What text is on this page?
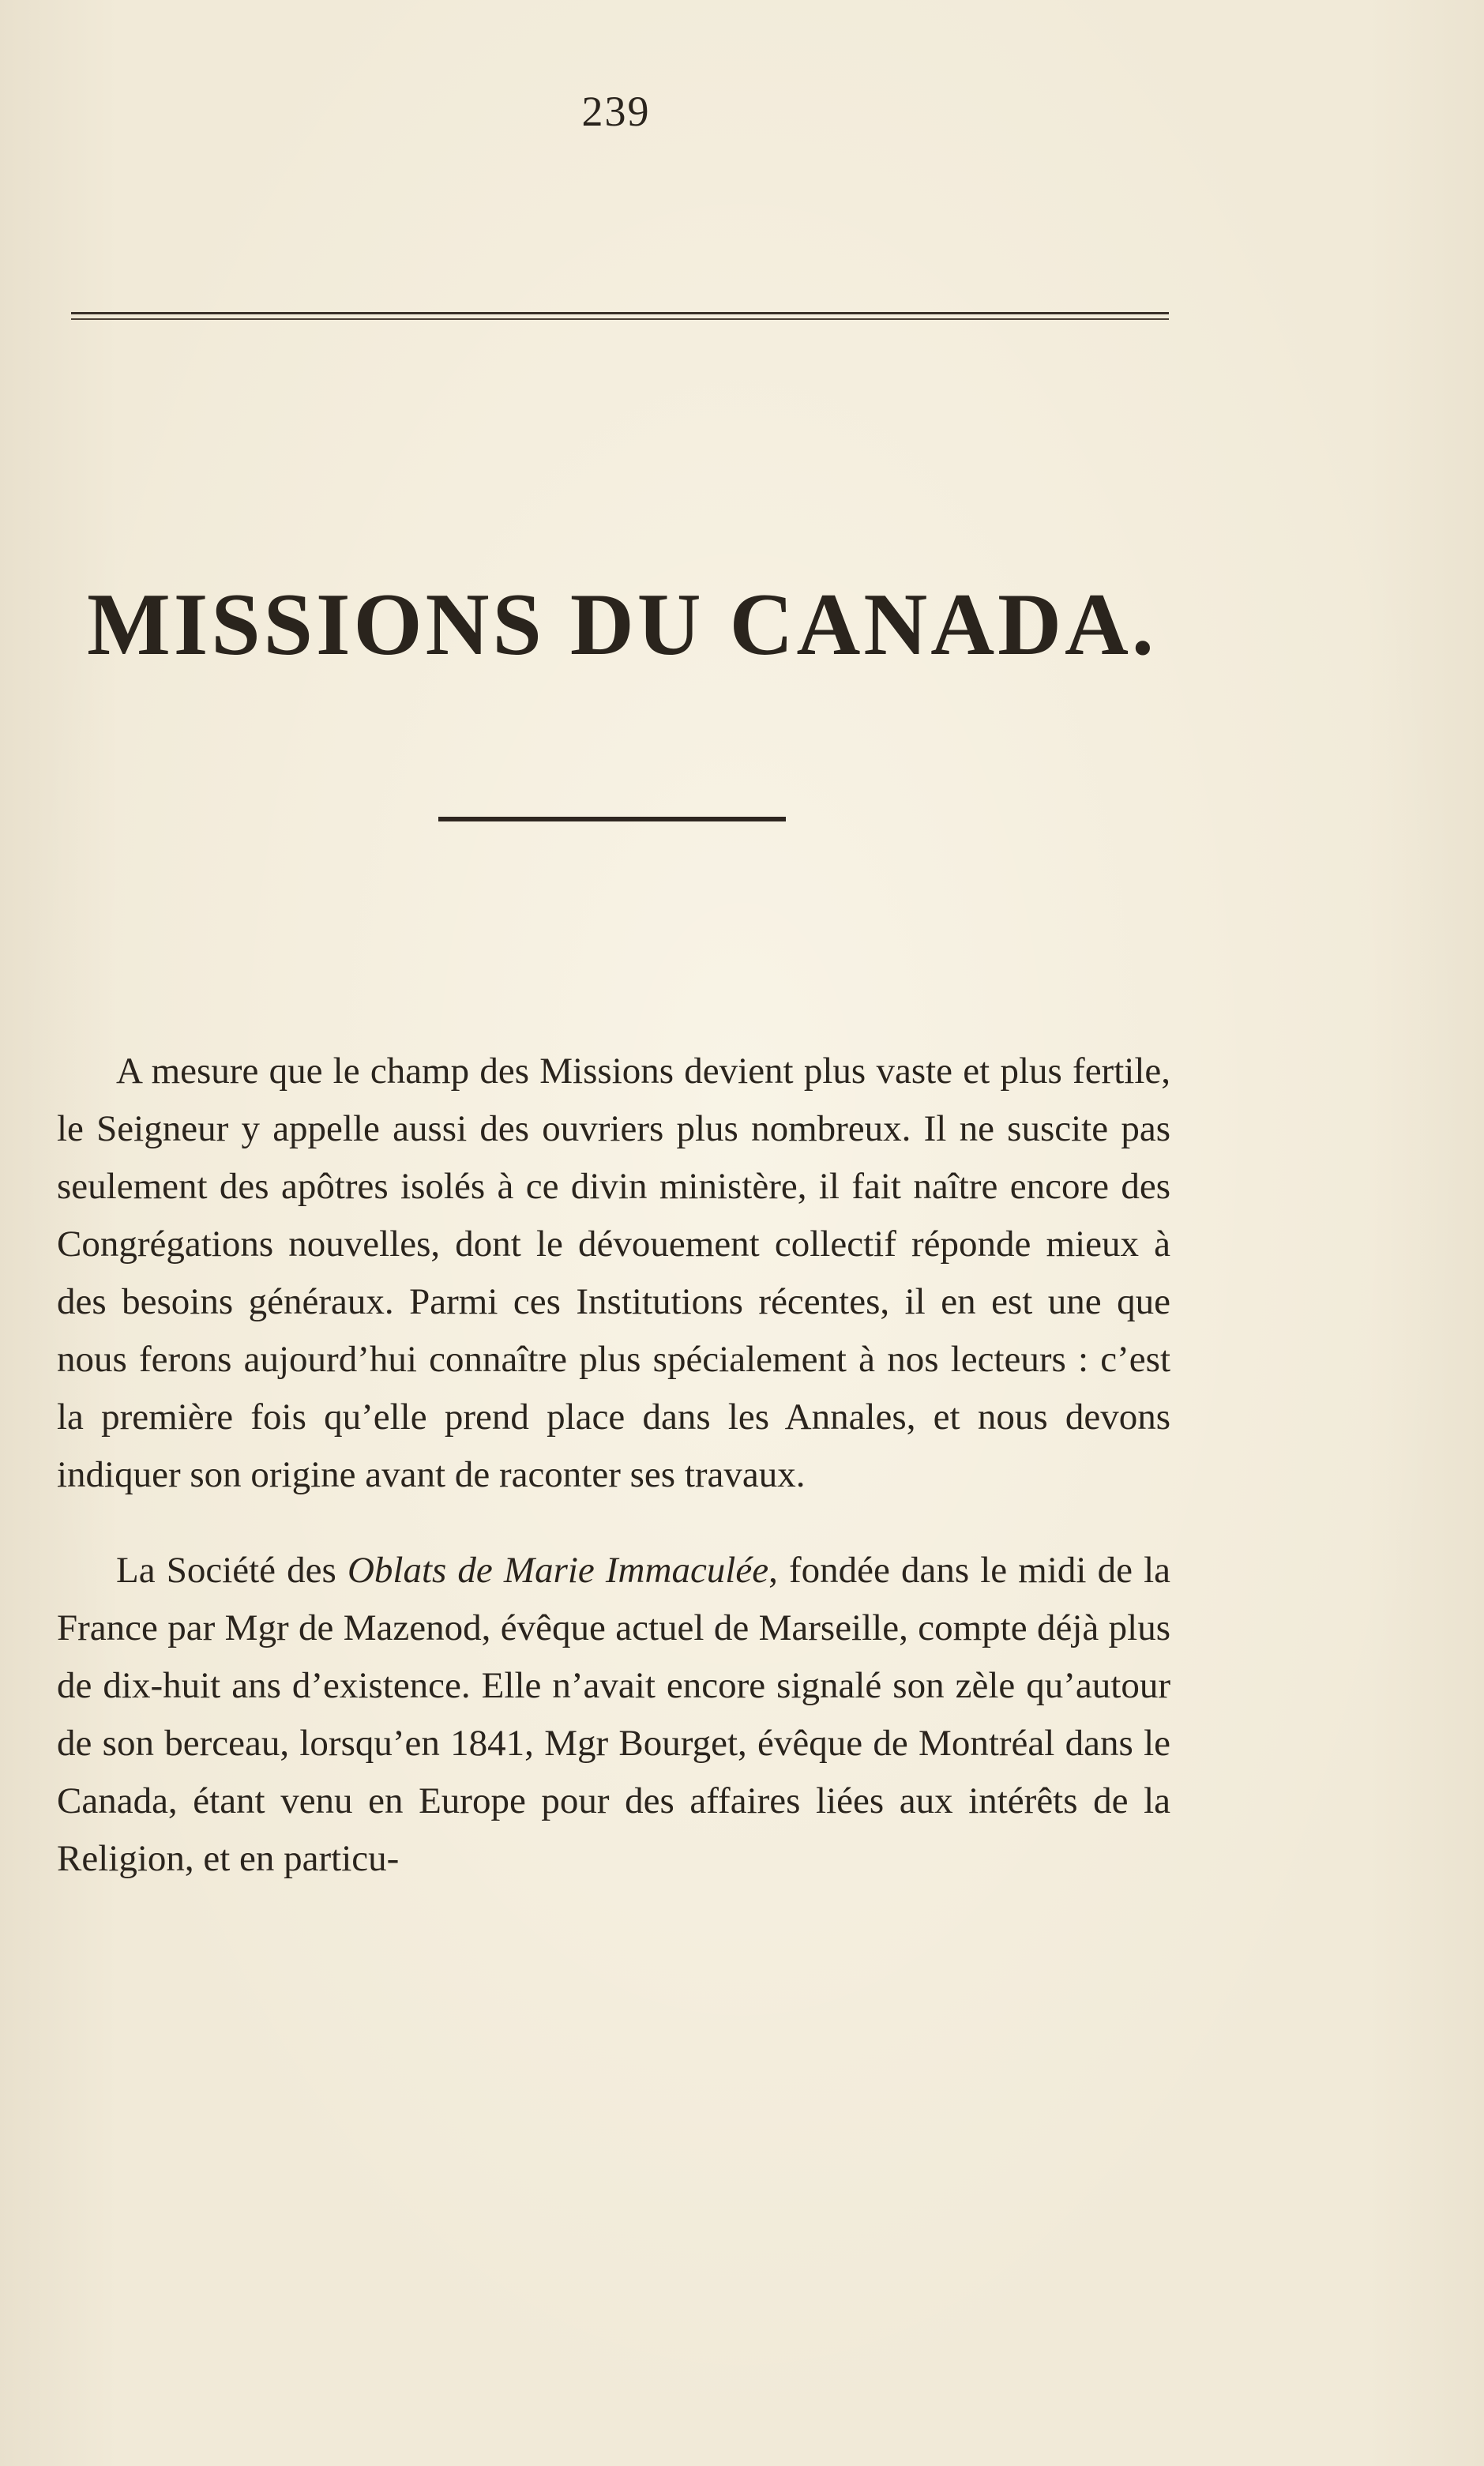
239
MISSIONS DU CANADA.

A mesure que le champ des Missions devient plus vaste et plus fertile, le Seigneur y appelle aussi des ouvriers plus nombreux. Il ne suscite pas seulement des apôtres isolés à ce divin ministère, il fait naître encore des Congrégations nouvelles, dont le dévouement collectif réponde mieux à des besoins généraux. Parmi ces Institutions récentes, il en est une que nous ferons aujourd’hui connaître plus spécialement à nos lecteurs : c’est la première fois qu’elle prend place dans les Annales, et nous devons indiquer son origine avant de raconter ses travaux.

La Société des Oblats de Marie Immaculée, fondée dans le midi de la France par Mgr de Mazenod, évêque actuel de Marseille, compte déjà plus de dix-huit ans d’existence. Elle n’avait encore signalé son zèle qu’autour de son berceau, lorsqu’en 1841, Mgr Bourget, évêque de Montréal dans le Canada, étant venu en Europe pour des affaires liées aux intérêts de la Religion, et en particu-
